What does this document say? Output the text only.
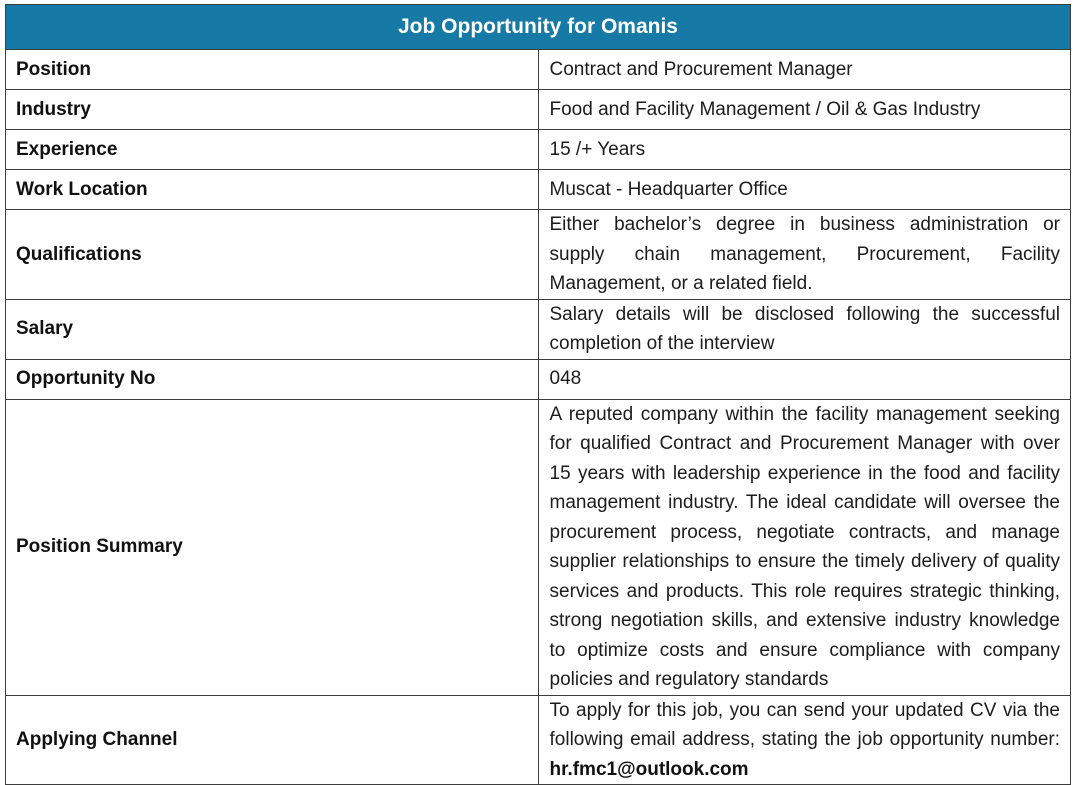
Job Opportunity for Omanis	
Position	Contract and Procurement Manager
Industry	Food and Facility Management / Oil & Gas Industry
Experience	15 /+ Years
Work Location	Muscat - Headquarter Office
Qualifications	Either bachelor’s degree in business administration or supply chain management, Procurement, Facility Management, or a related field.
Salary	Salary details will be disclosed following the successful completion of the interview
Opportunity No	048
Position Summary	A reputed company within the facility management seeking for qualified Contract and Procurement Manager with over 15 years with leadership experience in the food and facility management industry. The ideal candidate will oversee the procurement process, negotiate contracts, and manage supplier relationships to ensure the timely delivery of quality services and products. This role requires strategic thinking, strong negotiation skills, and extensive industry knowledge to optimize costs and ensure compliance with company policies and regulatory standards
Applying Channel	To apply for this job, you can send your updated CV via the following email address, stating the job opportunity number: hr.fmc1@outlook.com
